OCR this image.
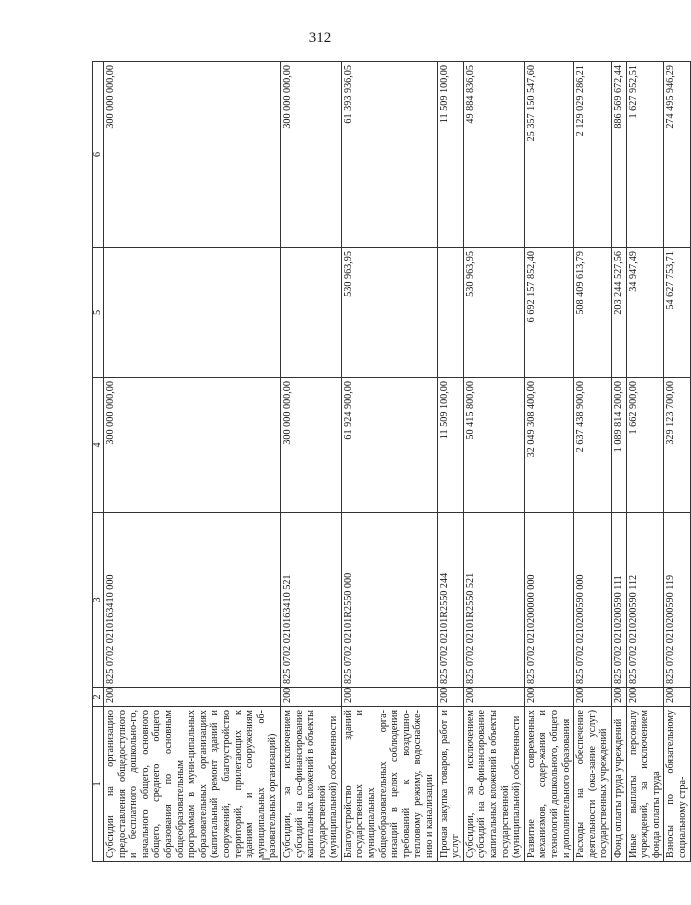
312
1	2	3	4	5	6
Субсидии на организацию предоставления общедоступного и бесплатного дошкольно-го, начального общего, основного общего, среднего общего образования по основным общеобразовательным программам в муни-ципальных образовательных организациях (капитальный ремонт зданий и сооружений, благоустройство территорий, прилегающих к зданиям и сооружениям муниципальных об-разовательных организаций)	200	825 0702 0210163410 000	300 000 000,00		300 000 000,00
Субсидии, за исключением субсидий на со-финансирование капитальных вложений в объекты государственной (муниципальной) собственности	200	825 0702 0210163410 521	300 000 000,00		300 000 000,00
Благоустройство зданий государственных и муниципальных общеобразовательных орга-низаций в целях соблюдения требований к воздушно-тепловому режиму, водоснабже-нию и канализации	200	825 0702 02101R2550 000	61 924 900,00	530 963,95	61 393 936,05
Прочая закупка товаров, работ и услуг	200	825 0702 02101R2550 244	11 509 100,00		11 509 100,00
Субсидии, за исключением субсидий на со-финансирование капитальных вложений в объекты государственной (муниципальной) собственности	200	825 0702 02101R2550 521	50 415 800,00	530 963,95	49 884 836,05
Развитие современных механизмов, содер-жания и технологий дошкольного, общего и дополнительного образования	200	825 0702 0210200000 000	32 049 308 400,00	6 692 157 852,40	25 357 150 547,60
Расходы на обеспечение деятельности (ока-зание услуг) государственных учреждений	200	825 0702 0210200590 000	2 637 438 900,00	508 409 613,79	2 129 029 286,21
Фонд оплаты труда учреждений	200	825 0702 0210200590 111	1 089 814 200,00	203 244 527,56	886 569 672,44
Иные выплаты персоналу учреждений, за исключением фонда оплаты труда	200	825 0702 0210200590 112	1 662 900,00	34 947,49	1 627 952,51
Взносы по обязательному социальному стра-	200	825 0702 0210200590 119	329 123 700,00	54 627 753,71	274 495 946,29
